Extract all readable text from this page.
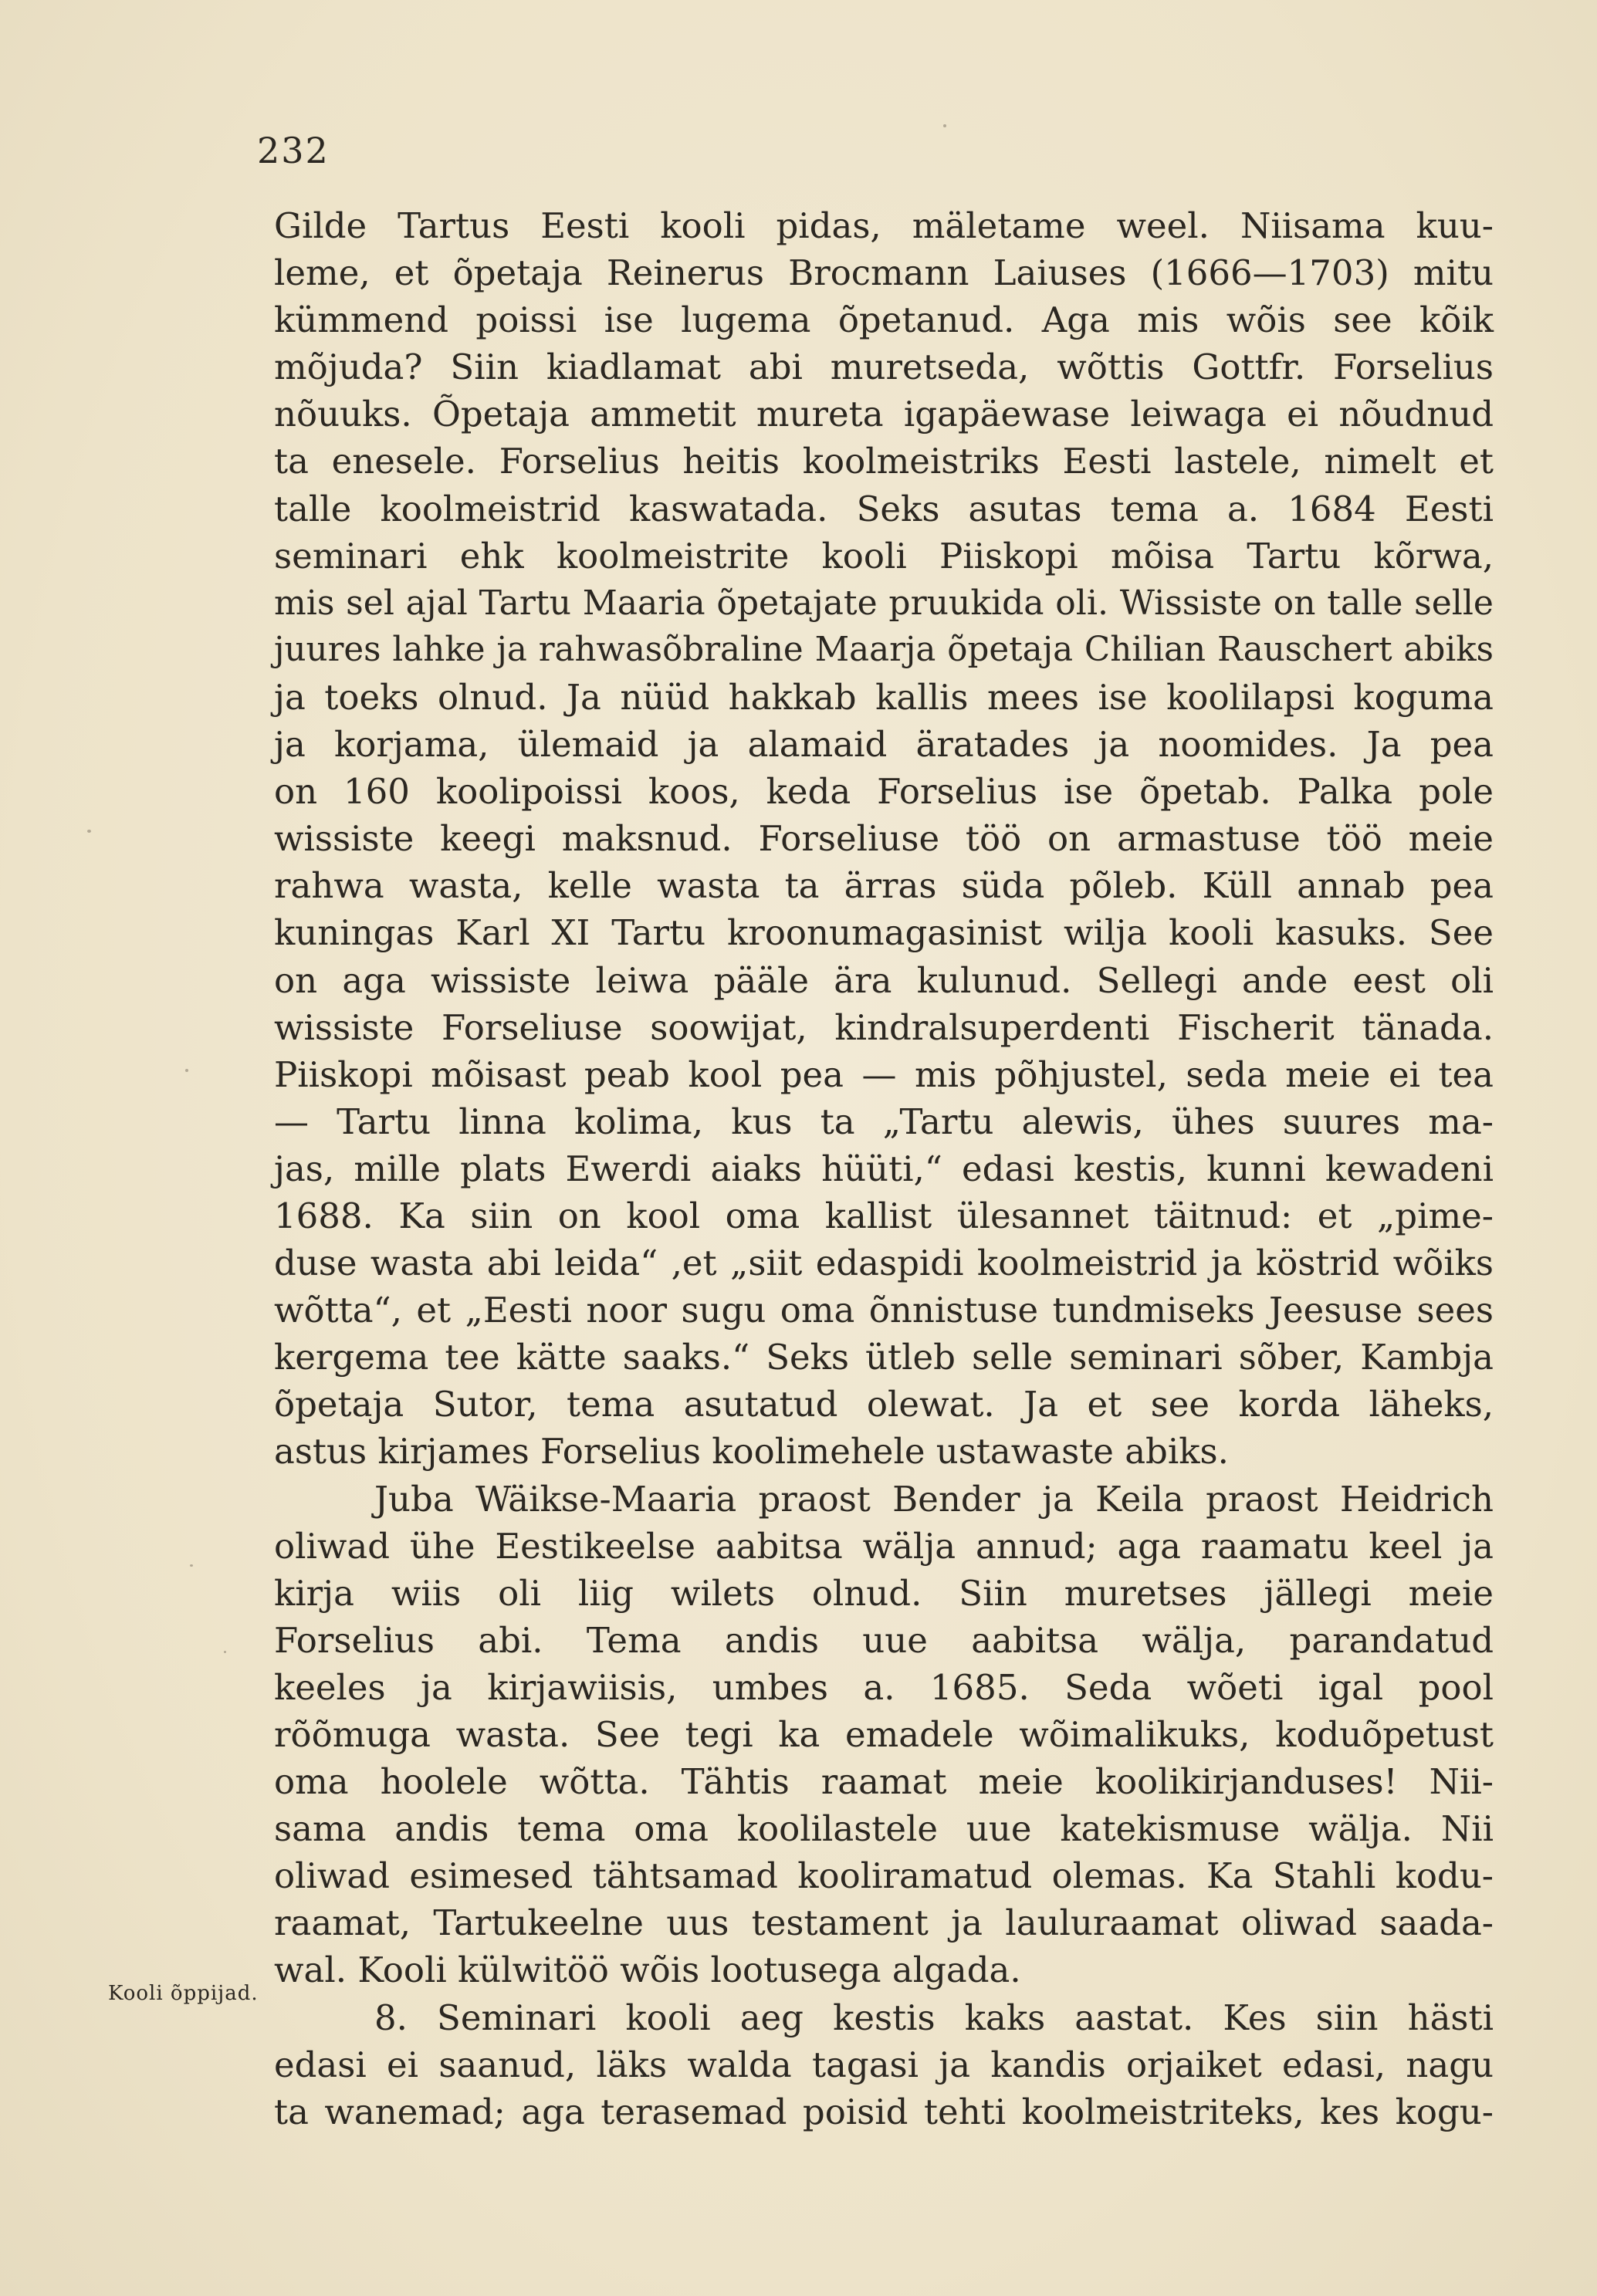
232
Gilde Tartus Eesti kooli pidas, mäletame weel. Niisama kuu-
leme, et õpetaja Reinerus Brocmann Laiuses (1666—1703) mitu
kümmend poissi ise lugema õpetanud. Aga mis wõis see kõik
mõjuda? Siin kiadlamat abi muretseda, wõttis Gottfr. Forselius
nõuuks. Õpetaja ammetit mureta igapäewase leiwaga ei nõudnud
ta enesele. Forselius heitis koolmeistriks Eesti lastele, nimelt et
talle koolmeistrid kaswatada. Seks asutas tema a. 1684 Eesti
seminari ehk koolmeistrite kooli Piiskopi mõisa Tartu kõrwa,
mis sel ajal Tartu Maaria õpetajate pruukida oli. Wissiste on talle selle
juures lahke ja rahwasõbraline Maarja õpetaja Chilian Rauschert abiks
ja toeks olnud. Ja nüüd hakkab kallis mees ise koolilapsi koguma
ja korjama, ülemaid ja alamaid äratades ja noomides. Ja pea
on 160 koolipoissi koos, keda Forselius ise õpetab. Palka pole
wissiste keegi maksnud. Forseliuse töö on armastuse töö meie
rahwa wasta, kelle wasta ta ärras süda põleb. Küll annab pea
kuningas Karl XI Tartu kroonumagasinist wilja kooli kasuks. See
on aga wissiste leiwa pääle ära kulunud. Sellegi ande eest oli
wissiste Forseliuse soowijat, kindralsuperdenti Fischerit tänada.
Piiskopi mõisast peab kool pea — mis põhjustel, seda meie ei tea
— Tartu linna kolima, kus ta „Tartu alewis, ühes suures ma-
jas, mille plats Ewerdi aiaks hüüti,“ edasi kestis, kunni kewadeni
1688. Ka siin on kool oma kallist ülesannet täitnud: et „pime-
duse wasta abi leida“ ,et „siit edaspidi koolmeistrid ja köstrid wõiks
wõtta“, et „Eesti noor sugu oma õnnistuse tundmiseks Jeesuse sees
kergema tee kätte saaks.“ Seks ütleb selle seminari sõber, Kambja
õpetaja Sutor, tema asutatud olewat. Ja et see korda läheks,
astus kirjames Forselius koolimehele ustawaste abiks.
Juba Wäikse-Maaria praost Bender ja Keila praost Heidrich
oliwad ühe Eestikeelse aabitsa wälja annud; aga raamatu keel ja
kirja wiis oli liig wilets olnud. Siin muretses jällegi meie
Forselius abi. Tema andis uue aabitsa wälja, parandatud
keeles ja kirjawiisis, umbes a. 1685. Seda wõeti igal pool
rõõmuga wasta. See tegi ka emadele wõimalikuks, koduõpetust
oma hoolele wõtta. Tähtis raamat meie koolikirjanduses! Nii-
sama andis tema oma koolilastele uue katekismuse wälja. Nii
oliwad esimesed tähtsamad kooliramatud olemas. Ka Stahli kodu-
raamat, Tartukeelne uus testament ja lauluraamat oliwad saada-
wal. Kooli külwitöö wõis lootusega algada.
8. Seminari kooli aeg kestis kaks aastat. Kes siin hästi
edasi ei saanud, läks walda tagasi ja kandis orjaiket edasi, nagu
ta wanemad; aga terasemad poisid tehti koolmeistriteks, kes kogu-
Kooli õppijad.
